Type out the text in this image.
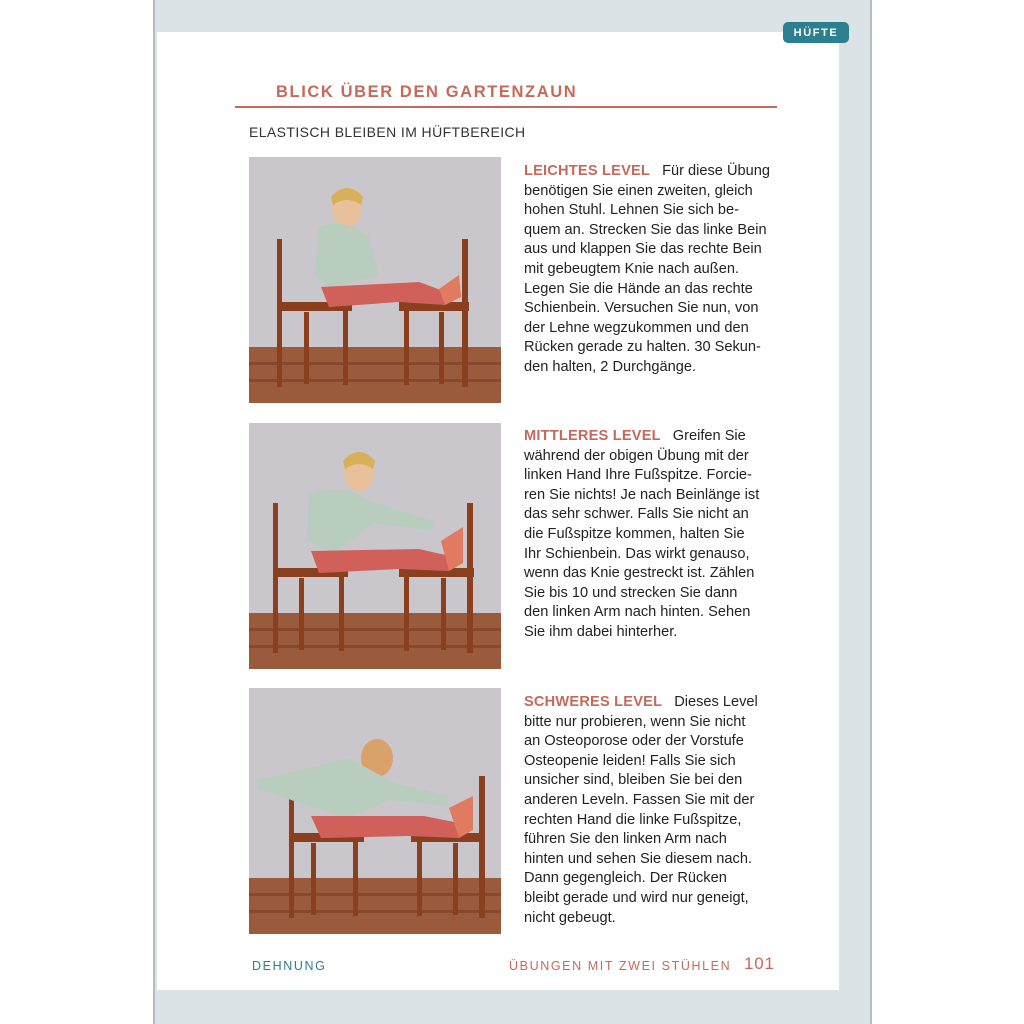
HÜFTE
BLICK ÜBER DEN GARTENZAUN
ELASTISCH BLEIBEN IM HÜFTBEREICH

LEICHTES LEVEL Für diese Übung

benötigen Sie einen zweiten, gleich

hohen Stuhl. Lehnen Sie sich be-

quem an. Strecken Sie das linke Bein

aus und klappen Sie das rechte Bein

mit gebeugtem Knie nach außen.

Legen Sie die Hände an das rechte

Schienbein. Versuchen Sie nun, von

der Lehne wegzukommen und den

Rücken gerade zu halten. 30 Sekun-

den halten, 2 Durchgänge.

MITTLERES LEVEL Greifen Sie

während der obigen Übung mit der

linken Hand Ihre Fußspitze. Forcie-

ren Sie nichts! Je nach Beinlänge ist

das sehr schwer. Falls Sie nicht an

die Fußspitze kommen, halten Sie

Ihr Schienbein. Das wirkt genauso,

wenn das Knie gestreckt ist. Zählen

Sie bis 10 und strecken Sie dann

den linken Arm nach hinten. Sehen

Sie ihm dabei hinterher.

SCHWERES LEVEL Dieses Level

bitte nur probieren, wenn Sie nicht

an Osteoporose oder der Vorstufe

Osteopenie leiden! Falls Sie sich

unsicher sind, bleiben Sie bei den

anderen Leveln. Fassen Sie mit der

rechten Hand die linke Fußspitze,

führen Sie den linken Arm nach

hinten und sehen Sie diesem nach.

Dann gegengleich. Der Rücken

bleibt gerade und wird nur geneigt,

nicht gebeugt.

DEHNUNG	ÜBUNGEN MIT ZWEI STÜHLEN 101
